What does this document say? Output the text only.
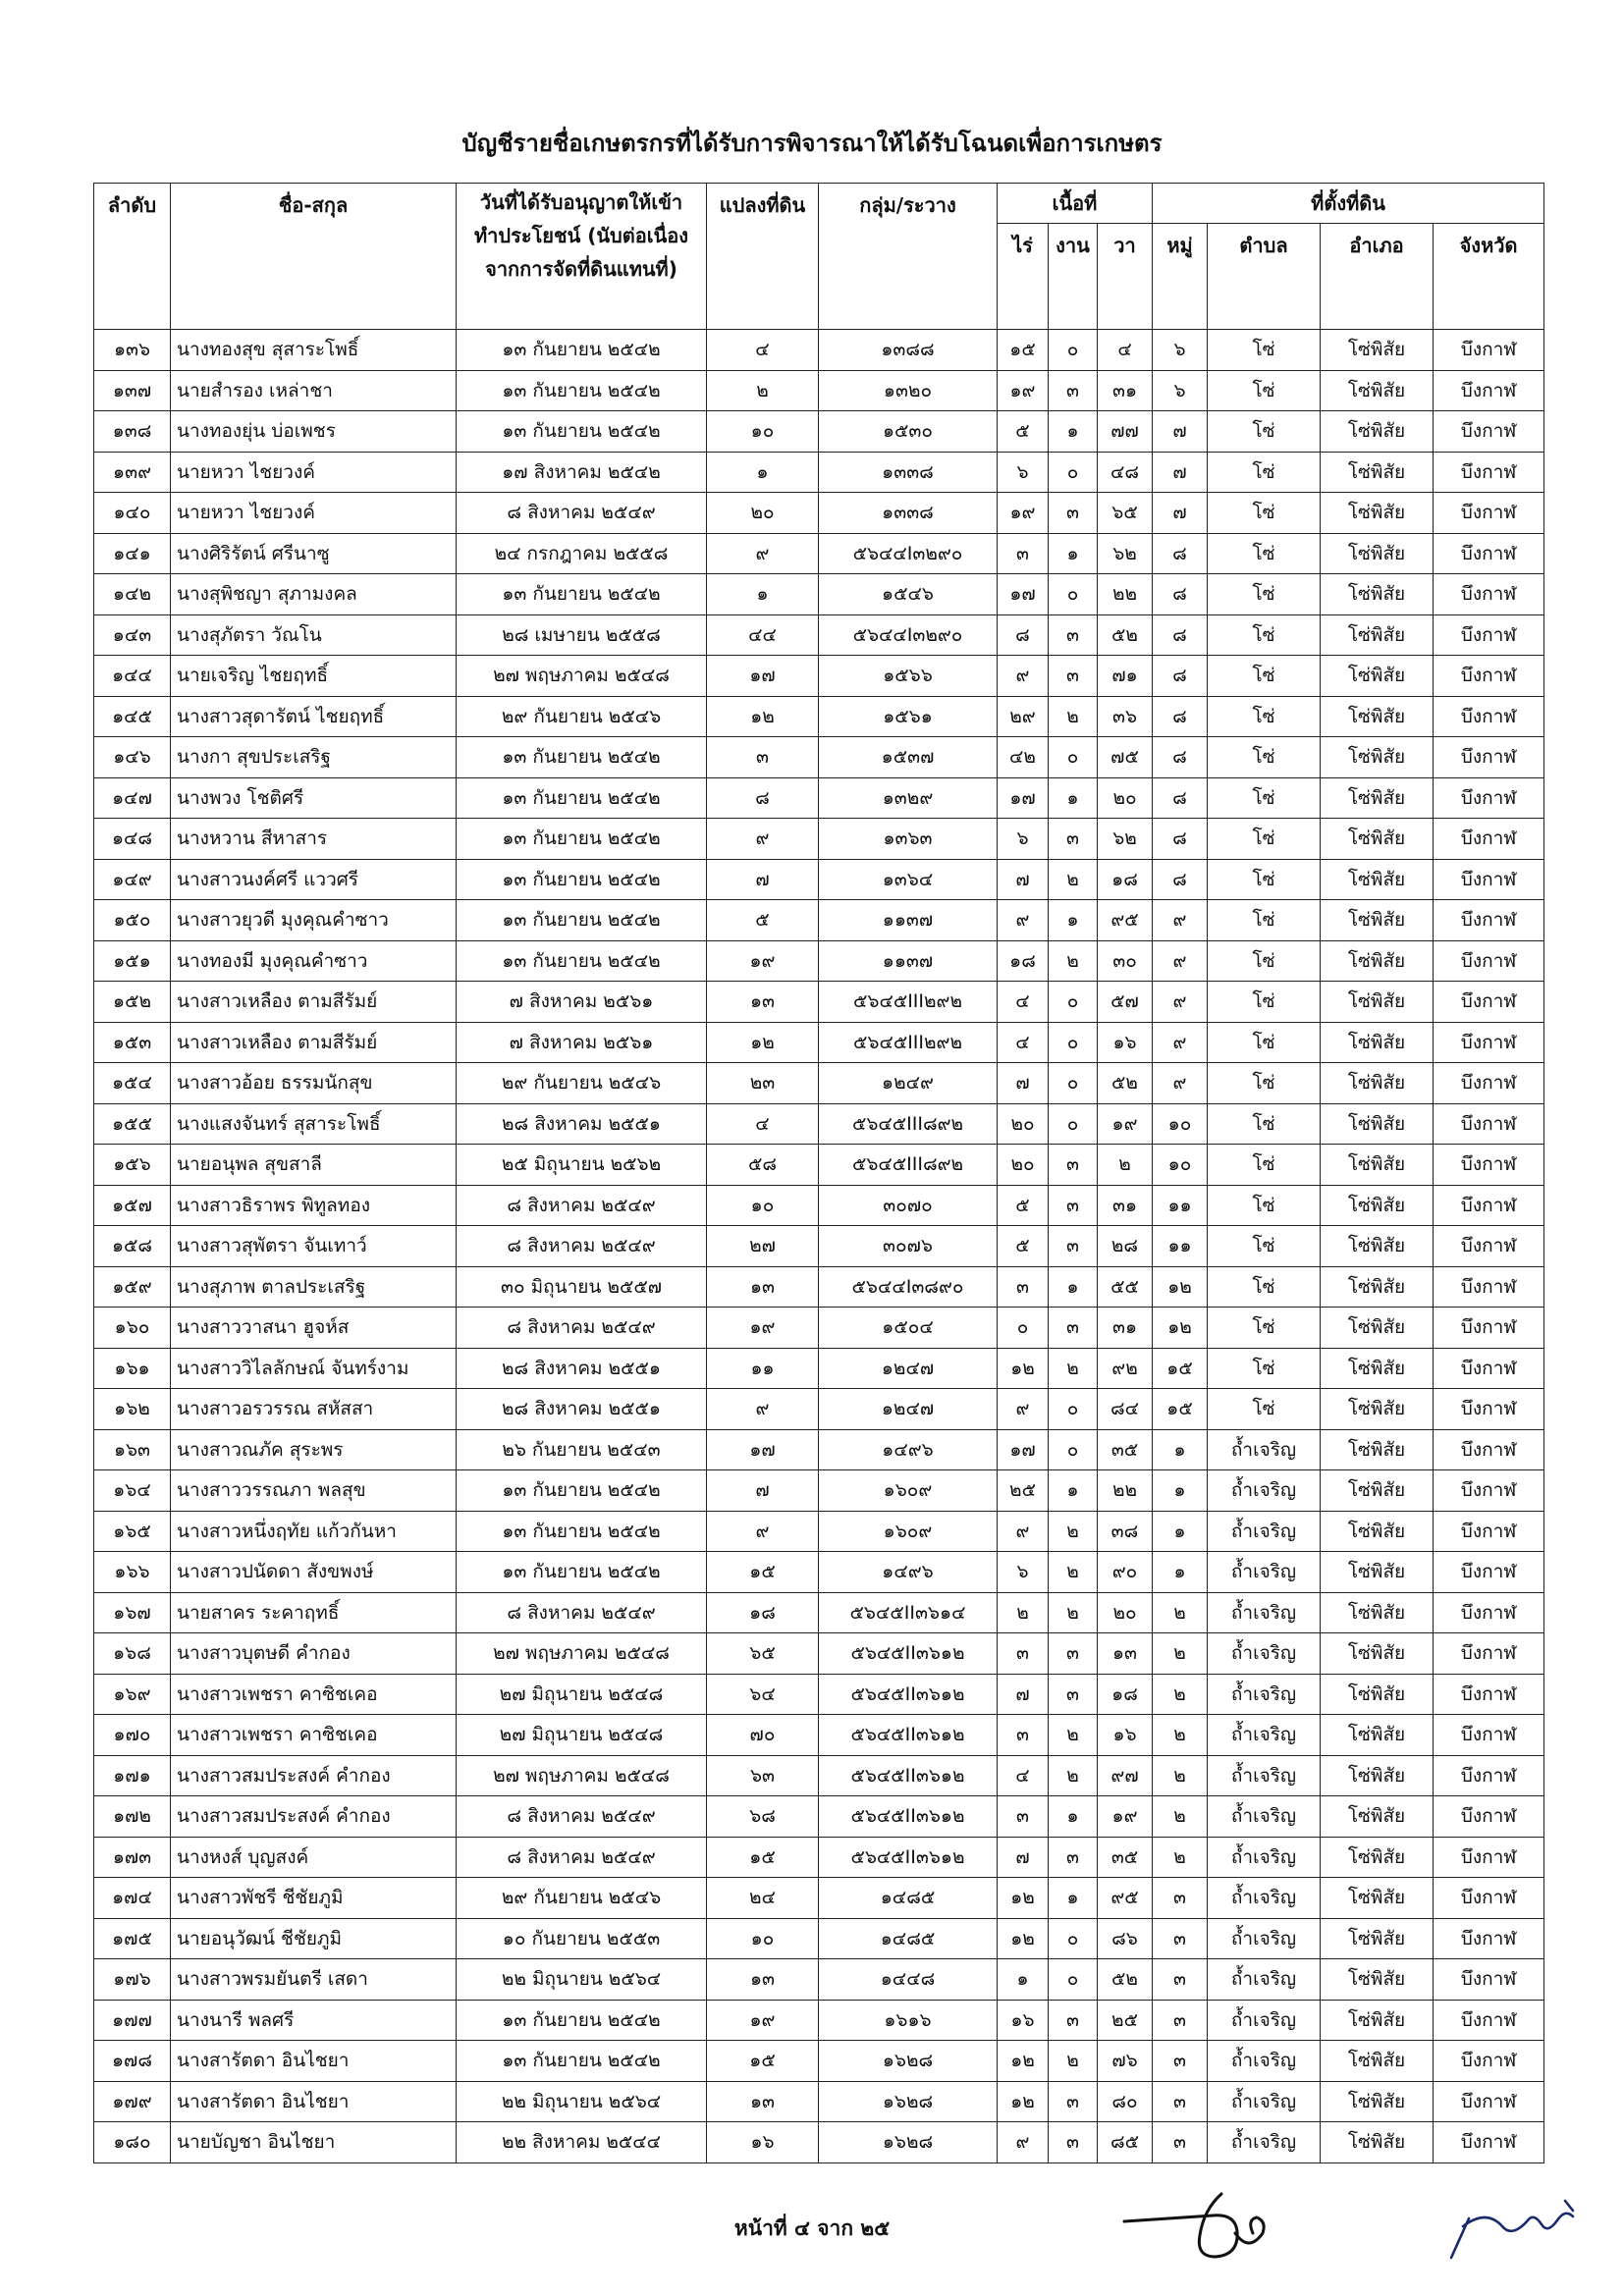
บัญชีรายชื่อเกษตรกรที่ได้รับการพิจารณาให้ได้รับโฉนดเพื่อการเกษตร
ลำดับ	ชื่อ-สกุล	วันที่ได้รับอนุญาตให้เข้า
ทำประโยชน์ (นับต่อเนื่อง
จากการจัดที่ดินแทนที่)	แปลงที่ดิน	กลุ่ม/ระวาง	เนื้อที่			ที่ตั้งที่ดิน			
					ไร่	งาน	วา	หมู่	ตำบล	อำเภอ	จังหวัด
๑๓๖	นางทองสุข สุสาระโพธิ์	๑๓ กันยายน ๒๕๔๒	๔	๑๓๘๘	๑๕	๐	๔	๖	โซ่	โซ่พิสัย	บึงกาฬ
๑๓๗	นายสำรอง เหล่าชา	๑๓ กันยายน ๒๕๔๒	๒	๑๓๒๐	๑๙	๓	๓๑	๖	โซ่	โซ่พิสัย	บึงกาฬ
๑๓๘	นางทองยุ่น บ่อเพชร	๑๓ กันยายน ๒๕๔๒	๑๐	๑๕๓๐	๕	๑	๗๗	๗	โซ่	โซ่พิสัย	บึงกาฬ
๑๓๙	นายหวา ไชยวงค์	๑๗ สิงหาคม ๒๕๔๒	๑	๑๓๓๘	๖	๐	๔๘	๗	โซ่	โซ่พิสัย	บึงกาฬ
๑๔๐	นายหวา ไชยวงค์	๘ สิงหาคม ๒๕๔๙	๒๐	๑๓๓๘	๑๙	๓	๖๕	๗	โซ่	โซ่พิสัย	บึงกาฬ
๑๔๑	นางศิริรัตน์ ศรีนาซู	๒๔ กรกฎาคม ๒๕๕๘	๙	๕๖๔๔I๓๒๙๐	๓	๑	๖๒	๘	โซ่	โซ่พิสัย	บึงกาฬ
๑๔๒	นางสุพิชญา สุภามงคล	๑๓ กันยายน ๒๕๔๒	๑	๑๕๔๖	๑๗	๐	๒๒	๘	โซ่	โซ่พิสัย	บึงกาฬ
๑๔๓	นางสุภัตรา วัณโน	๒๘ เมษายน ๒๕๕๘	๔๔	๕๖๔๔I๓๒๙๐	๘	๓	๕๒	๘	โซ่	โซ่พิสัย	บึงกาฬ
๑๔๔	นายเจริญ ไชยฤทธิ์	๒๗ พฤษภาคม ๒๕๔๘	๑๗	๑๕๖๖	๙	๓	๗๑	๘	โซ่	โซ่พิสัย	บึงกาฬ
๑๔๕	นางสาวสุดารัตน์ ไชยฤทธิ์	๒๙ กันยายน ๒๕๔๖	๑๒	๑๕๖๑	๒๙	๒	๓๖	๘	โซ่	โซ่พิสัย	บึงกาฬ
๑๔๖	นางกา สุขประเสริฐ	๑๓ กันยายน ๒๕๔๒	๓	๑๕๓๗	๔๒	๐	๗๕	๘	โซ่	โซ่พิสัย	บึงกาฬ
๑๔๗	นางพวง โชติศรี	๑๓ กันยายน ๒๕๔๒	๘	๑๓๒๙	๑๗	๑	๒๐	๘	โซ่	โซ่พิสัย	บึงกาฬ
๑๔๘	นางหวาน สีหาสาร	๑๓ กันยายน ๒๕๔๒	๙	๑๓๖๓	๖	๓	๖๒	๘	โซ่	โซ่พิสัย	บึงกาฬ
๑๔๙	นางสาวนงค์ศรี แววศรี	๑๓ กันยายน ๒๕๔๒	๗	๑๓๖๔	๗	๒	๑๘	๘	โซ่	โซ่พิสัย	บึงกาฬ
๑๕๐	นางสาวยุวดี มุงคุณคำซาว	๑๓ กันยายน ๒๕๔๒	๕	๑๑๓๗	๙	๑	๙๕	๙	โซ่	โซ่พิสัย	บึงกาฬ
๑๕๑	นางทองมี มุงคุณคำซาว	๑๓ กันยายน ๒๕๔๒	๑๙	๑๑๓๗	๑๘	๒	๓๐	๙	โซ่	โซ่พิสัย	บึงกาฬ
๑๕๒	นางสาวเหลือง ตามสีรัมย์	๗ สิงหาคม ๒๕๖๑	๑๓	๕๖๔๕III๒๙๒	๔	๐	๕๗	๙	โซ่	โซ่พิสัย	บึงกาฬ
๑๕๓	นางสาวเหลือง ตามสีรัมย์	๗ สิงหาคม ๒๕๖๑	๑๒	๕๖๔๕III๒๙๒	๔	๐	๑๖	๙	โซ่	โซ่พิสัย	บึงกาฬ
๑๕๔	นางสาวอ้อย ธรรมนักสุข	๒๙ กันยายน ๒๕๔๖	๒๓	๑๒๔๙	๗	๐	๕๒	๙	โซ่	โซ่พิสัย	บึงกาฬ
๑๕๕	นางแสงจันทร์ สุสาระโพธิ์	๒๘ สิงหาคม ๒๕๕๑	๔	๕๖๔๕III๘๙๒	๒๐	๐	๑๙	๑๐	โซ่	โซ่พิสัย	บึงกาฬ
๑๕๖	นายอนุพล สุขสาลี	๒๕ มิถุนายน ๒๕๖๒	๕๘	๕๖๔๕III๘๙๒	๒๐	๓	๒	๑๐	โซ่	โซ่พิสัย	บึงกาฬ
๑๕๗	นางสาวธิราพร พิทูลทอง	๘ สิงหาคม ๒๕๔๙	๑๐	๓๐๗๐	๕	๓	๓๑	๑๑	โซ่	โซ่พิสัย	บึงกาฬ
๑๕๘	นางสาวสุพัตรา จันเทาว์	๘ สิงหาคม ๒๕๔๙	๒๗	๓๐๗๖	๕	๓	๒๘	๑๑	โซ่	โซ่พิสัย	บึงกาฬ
๑๕๙	นางสุภาพ ตาลประเสริฐ	๓๐ มิถุนายน ๒๕๕๗	๑๓	๕๖๔๔I๓๘๙๐	๓	๑	๕๕	๑๒	โซ่	โซ่พิสัย	บึงกาฬ
๑๖๐	นางสาววาสนา ฮูจห์ส	๘ สิงหาคม ๒๕๔๙	๑๙	๑๕๐๔	๐	๓	๓๑	๑๒	โซ่	โซ่พิสัย	บึงกาฬ
๑๖๑	นางสาววิไลลักษณ์ จันทร์งาม	๒๘ สิงหาคม ๒๕๕๑	๑๑	๑๒๔๗	๑๒	๒	๙๒	๑๕	โซ่	โซ่พิสัย	บึงกาฬ
๑๖๒	นางสาวอรวรรณ สหัสสา	๒๘ สิงหาคม ๒๕๕๑	๙	๑๒๔๗	๙	๐	๘๔	๑๕	โซ่	โซ่พิสัย	บึงกาฬ
๑๖๓	นางสาวณภัค สุระพร	๒๖ กันยายน ๒๕๔๓	๑๗	๑๔๙๖	๑๗	๐	๓๕	๑	ถ้ำเจริญ	โซ่พิสัย	บึงกาฬ
๑๖๔	นางสาววรรณภา พลสุข	๑๓ กันยายน ๒๕๔๒	๗	๑๖๐๙	๒๕	๑	๒๒	๑	ถ้ำเจริญ	โซ่พิสัย	บึงกาฬ
๑๖๕	นางสาวหนึ่งฤทัย แก้วกันหา	๑๓ กันยายน ๒๕๔๒	๙	๑๖๐๙	๙	๒	๓๘	๑	ถ้ำเจริญ	โซ่พิสัย	บึงกาฬ
๑๖๖	นางสาวปนัดดา สังขพงษ์	๑๓ กันยายน ๒๕๔๒	๑๕	๑๔๙๖	๖	๒	๙๐	๑	ถ้ำเจริญ	โซ่พิสัย	บึงกาฬ
๑๖๗	นายสาคร ระคาฤทธิ์	๘ สิงหาคม ๒๕๔๙	๑๘	๕๖๔๕II๓๖๑๔	๒	๒	๒๐	๒	ถ้ำเจริญ	โซ่พิสัย	บึงกาฬ
๑๖๘	นางสาวบุตษดี คำกอง	๒๗ พฤษภาคม ๒๕๔๘	๖๕	๕๖๔๕II๓๖๑๒	๓	๓	๑๓	๒	ถ้ำเจริญ	โซ่พิสัย	บึงกาฬ
๑๖๙	นางสาวเพชรา คาซิชเคอ	๒๗ มิถุนายน ๒๕๔๘	๖๔	๕๖๔๕II๓๖๑๒	๗	๓	๑๘	๒	ถ้ำเจริญ	โซ่พิสัย	บึงกาฬ
๑๗๐	นางสาวเพชรา คาซิชเคอ	๒๗ มิถุนายน ๒๕๔๘	๗๐	๕๖๔๕II๓๖๑๒	๓	๒	๑๖	๒	ถ้ำเจริญ	โซ่พิสัย	บึงกาฬ
๑๗๑	นางสาวสมประสงค์ คำกอง	๒๗ พฤษภาคม ๒๕๔๘	๖๓	๕๖๔๕II๓๖๑๒	๔	๒	๙๗	๒	ถ้ำเจริญ	โซ่พิสัย	บึงกาฬ
๑๗๒	นางสาวสมประสงค์ คำกอง	๘ สิงหาคม ๒๕๔๙	๖๘	๕๖๔๕II๓๖๑๒	๓	๑	๑๙	๒	ถ้ำเจริญ	โซ่พิสัย	บึงกาฬ
๑๗๓	นางหงส์ บุญสงค์	๘ สิงหาคม ๒๕๔๙	๑๕	๕๖๔๕II๓๖๑๒	๗	๓	๓๕	๒	ถ้ำเจริญ	โซ่พิสัย	บึงกาฬ
๑๗๔	นางสาวพัชรี ชีชัยภูมิ	๒๙ กันยายน ๒๕๔๖	๒๔	๑๔๘๕	๑๒	๑	๙๕	๓	ถ้ำเจริญ	โซ่พิสัย	บึงกาฬ
๑๗๕	นายอนุวัฒน์ ชีชัยภูมิ	๑๐ กันยายน ๒๕๕๓	๑๐	๑๔๘๕	๑๒	๐	๘๖	๓	ถ้ำเจริญ	โซ่พิสัย	บึงกาฬ
๑๗๖	นางสาวพรมยันตรี เสดา	๒๒ มิถุนายน ๒๕๖๔	๑๓	๑๔๔๘	๑	๐	๕๒	๓	ถ้ำเจริญ	โซ่พิสัย	บึงกาฬ
๑๗๗	นางนารี พลศรี	๑๓ กันยายน ๒๕๔๒	๑๙	๑๖๑๖	๑๖	๓	๒๕	๓	ถ้ำเจริญ	โซ่พิสัย	บึงกาฬ
๑๗๘	นางสารัตดา อินไชยา	๑๓ กันยายน ๒๕๔๒	๑๕	๑๖๒๘	๑๒	๒	๗๖	๓	ถ้ำเจริญ	โซ่พิสัย	บึงกาฬ
๑๗๙	นางสารัตดา อินไชยา	๒๒ มิถุนายน ๒๕๖๔	๑๓	๑๖๒๘	๑๒	๓	๘๐	๓	ถ้ำเจริญ	โซ่พิสัย	บึงกาฬ
๑๘๐	นายบัญชา อินไชยา	๒๒ สิงหาคม ๒๕๔๔	๑๖	๑๖๒๘	๙	๓	๘๕	๓	ถ้ำเจริญ	โซ่พิสัย	บึงกาฬ
หน้าที่ ๔ จาก ๒๕
